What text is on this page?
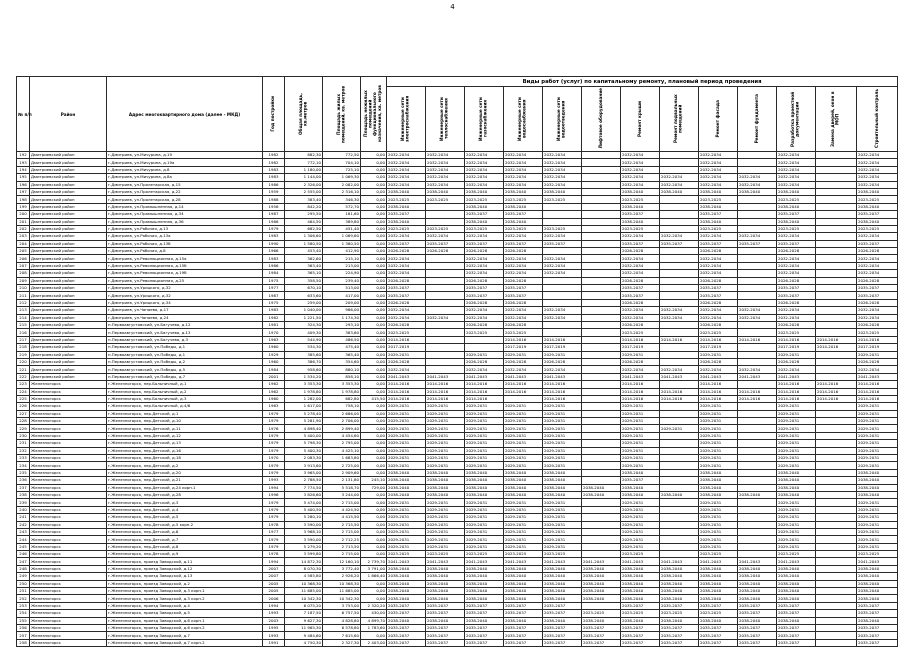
4
№ п/п	Район	Адрес многоквартирного дома (далее - МКД)	Год постройки	Общая площадь, кв.метров	Площадь жилых помещений, кв. метров	Площадь нежилых помещений функционального назначения, кв. метров	Виды работ (услуг) по капитальному ремонту, плановый период проведения												
							Инженерные сети электроснабжения	Инженерные сети теплоснабжения	Инженерные сети газоснабжения	Инженерные сети водоснабжения	Инженерные сети водоотведения	Лифтовое оборудование	Ремонт крыши	Ремонт подвальных помещений	Ремонт фасада	Ремонт фундамента	Разработка проектной документации	Замена дверей, окон в МОП	Строительный контроль
192	Дмитриевский район	г.Дмитриев, ул.Мичурина, д.19	1982	882,30	772,50	0,00	2032-2034	2032-2034	2032-2034	2032-2034	2032-2034		2032-2034		2032-2034		2032-2034		2032-2034
193	Дмитриевский район	г.Дмитриев, ул.Мичурина, д.19а	1982	772,10	704,10	0,00	2032-2034	2032-2034	2032-2034	2032-2034	2032-2034		2032-2034		2032-2034		2032-2034		2032-2034
194	Дмитриевский район	г.Дмитриев, ул.Мичурина, д.8	1983	1 180,00	725,10	0,00	2032-2034	2032-2034	2032-2034	2032-2034	2032-2034		2032-2034		2032-2034		2032-2034		2032-2034
195	Дмитриевский район	г.Дмитриев, ул.Мичурина, д.8а	1983	1 144,00	1 069,30	0,00	2032-2034	2032-2034	2032-2034	2032-2034	2032-2034		2032-2034	2032-2034	2032-2034	2032-2034	2032-2034		2032-2034
196	Дмитриевский район	г.Дмитриев, ул.Пролетарская, д.15	1986	2 326,00	2 082,00	0,00	2032-2034	2032-2034	2032-2034	2032-2034	2032-2034		2032-2034	2032-2034	2032-2034	2032-2034	2032-2034		2032-2034
197	Дмитриевский район	г.Дмитриев, ул.Пролетарская, д.22	1959	2 555,00	2 316,10	0,00	2038-2040	2038-2040	2038-2040	2038-2040	2038-2040		2038-2040	2038-2040	2038-2040	2038-2040	2038-2040		2038-2040
198	Дмитриевский район	г.Дмитриев, ул.Пролетарская, д.28	1988	383,40	346,30	0,00	2023-2025	2023-2025	2023-2025	2023-2025	2023-2025		2023-2025		2023-2025		2023-2025		2023-2025
199	Дмитриевский район	г.Дмитриев, ул.Промышленная, д.14	1956	842,20	572,70	0,00	2038-2040		2038-2040	2038-2040			2038-2040		2038-2040		2038-2040		2038-2040
200	Дмитриевский район	г.Дмитриев, ул.Промышленная, д.34	1987	295,50	181,60	0,00	2035-2037		2035-2037	2035-2037			2035-2037		2035-2037		2035-2037		2035-2037
201	Дмитриевский район	г.Дмитриев, ул.Промышленная, д.36	1986	464,50	389,80	0,00	2038-2040		2038-2040	2038-2040			2038-2040		2038-2040		2038-2040		2038-2040
202	Дмитриевский район	г.Дмитриев, ул.Рабочая, д.13	1979	682,50	451,40	0,00	2023-2025	2023-2025	2023-2025	2023-2025	2023-2025		2023-2025		2023-2025		2023-2025		2023-2025
203	Дмитриевский район	г.Дмитриев, ул.Рабочая, д.13а	1983	1 306,60	1 069,60	0,00	2032-2034	2032-2034	2032-2034	2032-2034	2032-2034		2032-2034	2032-2034	2032-2034	2032-2034	2032-2034		2032-2034
204	Дмитриевский район	г.Дмитриев, ул.Рабочая, д.13б	1990	1 580,50	1 380,50	0,00	2035-2037	2035-2037	2035-2037	2035-2037	2035-2037		2035-2037	2035-2037	2035-2037	2035-2037	2035-2037		2035-2037
205	Дмитриевский район	г.Дмитриев, ул.Рабочая, д.8	1966	453,40	412,90	0,00	2026-2028	2026-2028	2026-2028	2026-2028			2026-2028		2026-2028		2026-2028		2026-2028
206	Дмитриевский район	г.Дмитриев, ул.Революционная, д.15а	1983	362,60	215,10	0,00	2032-2034		2032-2034	2032-2034	2032-2034		2032-2034		2032-2034		2032-2034		2032-2034
207	Дмитриевский район	г.Дмитриев, ул.Революционная, д.15б	1986	363,40	213,00	0,00	2032-2034		2032-2034	2032-2034	2032-2034		2032-2034		2032-2034		2032-2034		2032-2034
208	Дмитриевский район	г.Дмитриев, ул.Революционная, д.19б	1984	365,10	224,90	0,00	2032-2034		2032-2034	2032-2034	2032-2034		2032-2034		2032-2034		2032-2034		2032-2034
209	Дмитриевский район	г.Дмитриев, ул.Революционная, д.25	1975	358,50	239,40	0,00	2026-2028		2026-2028	2026-2028			2026-2028		2026-2028		2026-2028		2026-2028
210	Дмитриевский район	г.Дмитриев, ул.Урицкого, д.32	1977	670,10	513,00	0,00	2035-2037		2035-2037	2035-2037			2035-2037		2035-2037		2035-2037		2035-2037
211	Дмитриевский район	г.Дмитриев, ул.Урицкого, д.32	1987	633,60	417,00	0,00	2035-2037		2035-2037	2035-2037			2035-2037		2035-2037		2035-2037		2035-2037
212	Дмитриевский район	г.Дмитриев, ул.Урицкого, д.34	1975	259,00	209,00	0,00	2026-2028		2026-2028	2026-2028			2026-2028		2026-2028		2026-2028		2026-2028
213	Дмитриевский район	г.Дмитриев, ул.Чапаева, д.17	1983	1 040,00	986,00	0,00	2032-2034		2032-2034	2032-2034	2032-2034		2032-2034	2032-2034	2032-2034	2032-2034	2032-2034		2032-2034
214	Дмитриевский район	г.Дмитриев, ул.Чапаева, д.24	1982	1 221,50	1 174,30	0,00	2032-2034	2032-2034	2032-2034	2032-2034	2032-2034		2032-2034	2032-2034	2032-2034	2032-2034	2032-2034		2032-2034
215	Дмитриевский район	п.Первоавгустовский, ул.Багучева, д.12	1981	324,30	293,10	0,00	2026-2028		2026-2028	2026-2028			2026-2028		2026-2028		2026-2028		2026-2028
216	Дмитриевский район	п.Первоавгустовский, ул.Багучева, д.13	1970	409,30	383,60	0,00	2023-2025		2023-2025	2023-2025			2023-2025		2023-2025		2023-2025		2023-2025
217	Дмитриевский район	п.Первоавгустовский, ул.Багучева, д.3	1963	544,90	486,50	0,00	2014-2016			2014-2016	2014-2016		2014-2016	2014-2016	2014-2016	2014-2016	2014-2016	2014-2016	2014-2016
218	Дмитриевский район	п.Первоавгустовский, ул.Победы, д.1	1960	534,30	475,40	0,00	2017-2019			2017-2019	2017-2019		2017-2019		2017-2019		2017-2019	2014-2016	2017-2019
219	Дмитриевский район	п.Первоавгустовский, ул.Победы, д.1	1929	385,60	365,40	0,00	2029-2031		2029-2031	2029-2031	2029-2031		2029-2031		2029-2031		2029-2031		2029-2031
220	Дмитриевский район	п.Первоавгустовский, ул.Победы, д.2	1960	386,70	354,60	0,00	2026-2028		2026-2028	2026-2028	2026-2028		2026-2028		2026-2028		2026-2028		2026-2028
221	Дмитриевский район	п.Первоавгустовский, ул.Победы, д.5	1984	958,60	880,10	0,00	2032-2034		2032-2034	2032-2034	2032-2034		2032-2034	2032-2034	2032-2034	2032-2034	2032-2034		2032-2034
222	Дмитриевский район	п.Первоавгустовский, ул.Победы, д.7	2001	1 534,20	858,10	0,00	2041-2043	2041-2043	2041-2043	2041-2043	2041-2043		2041-2043	2041-2043	2041-2043	2041-2043	2041-2043		2041-2043
223	Железногорск	г.Железногорск, пер.Больничный, д.1	1962	3 353,30	3 353,30	0,00	2014-2016	2014-2016	2014-2016	2014-2016	2014-2016		2014-2016		2014-2016		2014-2016	2014-2016	2014-2016
224	Железногорск	г.Железногорск, пер.Больничный, д.2	1962	1 978,80	1 978,80	0,00	2014-2016	2014-2016	2014-2016	2014-2016	2014-2016		2014-2016	2014-2016	2014-2016	2014-2016	2014-2016	2014-2016	2014-2016
225	Железногорск	г.Железногорск, пер.Больничный, д.3	1960	1 282,00	682,80	415,50	2014-2016	2014-2016	2014-2016		2014-2016		2014-2016	2014-2016	2014-2016	2014-2016	2014-2016	2014-2016	2014-2016
226	Железногорск	г.Железногорск, пер.Больничный, д.4/6	1963	1 617,00	758,10	0,00	2029-2031	2029-2031	2029-2031	2029-2031	2029-2031		2029-2031		2029-2031		2029-2031		2029-2031
227	Железногорск	г.Железногорск, пер.Детский, д.1	1979	5 278,40	2 686,00	0,00	2029-2031	2029-2031	2029-2031	2029-2031	2029-2031		2029-2031		2029-2031		2029-2031		2029-2031
228	Железногорск	г.Железногорск, пер.Детский, д.10	1979	5 281,90	2 706,00	0,00	2029-2031	2029-2031	2029-2031	2029-2031	2029-2031		2029-2031		2029-2031		2029-2031		2029-2031
229	Железногорск	г.Железногорск, пер.Детский, д.11	1976	4 898,40	2 899,40	0,00	2029-2031	2029-2031	2029-2031	2029-2031	2029-2031		2029-2031	2029-2031	2029-2031		2029-2031		2029-2031
230	Железногорск	г.Железногорск, пер.Детский, д.12	1979	5 400,00	4 454,60	0,00	2029-2031	2029-2031	2029-2031	2029-2031	2029-2031		2029-2031		2029-2031		2029-2031		2029-2031
231	Железногорск	г.Железногорск, пер.Детский, д.13	1979	5 798,30	2 795,00	0,00	2029-2031	2029-2031	2029-2031	2029-2031	2029-2031		2029-2031		2029-2031		2029-2031		2029-2031
232	Железногорск	г.Железногорск, пер.Детский, д.16	1979	5 400,30	4 425,10	0,00	2029-2031	2029-2031	2029-2031	2029-2031	2029-2031		2029-2031		2029-2031		2029-2031		2029-2031
233	Железногорск	г.Железногорск, пер.Детский, д.18	1970	2 083,30	1 683,80	0,00	2029-2031	2029-2031	2029-2031	2029-2031	2029-2031		2029-2031		2029-2031		2029-2031		2029-2031
234	Железногорск	г.Железногорск, пер.Детский, д.2	1979	3 913,60	2 725,00	0,00	2029-2031	2029-2031	2029-2031	2029-2031	2029-2031		2029-2031		2029-2031		2029-2031		2029-2031
235	Железногорск	г.Железногорск, пер.Детский, д.20	1979	3 965,00	2 909,60	0,00	2038-2040	2038-2040	2038-2040	2038-2040	2038-2040		2038-2040		2038-2040		2038-2040		2038-2040
236	Железногорск	г.Железногорск, пер.Детский, д.21	1993	2 788,50	2 131,80	245,10	2038-2040	2038-2040	2038-2040	2038-2040	2038-2040		2035-2037		2038-2040		2038-2040		2038-2040
237	Железногорск	г.Железногорск, пер.Детский, д.24 корп.1	1994	7 774,50	5 518,70	729,00	2038-2040	2038-2040	2038-2040	2038-2040	2038-2040	2038-2040	2038-2040		2038-2040		2038-2040		2038-2040
238	Железногорск	г.Железногорск, пер.Детский, д.28	1996	3 826,60	3 244,00	0,00	2038-2040	2038-2040	2038-2040	2038-2040	2038-2040	2038-2040	2038-2040	2038-2040	2038-2040	2038-2040	2038-2040		2038-2040
239	Железногорск	г.Железногорск, пер.Детский, д.3	1979	5 474,00	2 715,00	0,00	2029-2031	2029-2031	2029-2031	2029-2031	2029-2031		2029-2031		2029-2031		2029-2031		2029-2031
240	Железногорск	г.Железногорск, пер.Детский, д.4	1979	5 400,50	4 424,50	0,00	2029-2031	2029-2031	2029-2031	2029-2031	2029-2031		2029-2031		2029-2031		2029-2031		2029-2031
241	Железногорск	г.Железногорск, пер.Детский, д.5	1979	5 280,10	4 415,50	0,00	2029-2031	2029-2031	2029-2031	2029-2031	2029-2031		2029-2031		2029-2031		2029-2031		2029-2031
242	Железногорск	г.Железногорск, пер.Детский, д.5 корп.2	1978	3 590,00	2 715,50	0,00	2029-2031	2029-2031	2029-2031	2029-2031	2029-2031		2029-2031		2029-2031		2029-2031		2029-2031
243	Железногорск	г.Железногорск, пер.Детский, д.6	1977	3 968,10	2 715,00	0,00	2029-2031	2029-2031	2029-2031	2029-2031	2029-2031		2029-2031		2029-2031		2029-2031		2029-2031
244	Железногорск	г.Железногорск, пер.Детский, д.7	1979	3 590,00	2 712,25	0,00	2029-2031	2029-2031	2029-2031	2029-2031	2029-2031		2029-2031		2029-2031		2029-2031		2029-2031
245	Железногорск	г.Железногорск, пер.Детский, д.8	1979	5 279,20	2 713,50	0,00	2029-2031	2029-2031	2029-2031	2029-2031	2029-2031		2029-2031		2029-2031		2029-2031		2029-2031
246	Железногорск	г.Железногорск, пер.Детский, д.9	1978	3 599,80	2 715,00	0,00	2023-2025	2023-2025	2023-2025	2023-2025	2023-2025		2023-2025		2023-2025		2023-2025		2023-2025
247	Железногорск	г.Железногорск, проезд Заводской, д.11	1994	14 872,30	12 160,10	2 739,70	2041-2043	2041-2043	2041-2043	2041-2043	2041-2043	2041-2043	2041-2043	2041-2043	2041-2043	2041-2043	2041-2043		2041-2043
248	Железногорск	г.Железногорск, проезд Заводской, д.12	2007	8 070,30	3 772,40	3 791,00	2038-2040	2038-2040	2038-2040	2038-2040	2038-2040	2038-2040	2038-2040	2038-2040	2038-2040	2038-2040	2038-2040		2038-2040
249	Железногорск	г.Железногорск, проезд Заводской, д.13	2007	4 585,80	2 926,20	1 866,40	2038-2040	2038-2040	2038-2040	2038-2040	2038-2040	2038-2040	2038-2040	2038-2040	2038-2040	2038-2040	2038-2040		2038-2040
250	Железногорск	г.Железногорск, проезд Заводской, д.2	2005	10 368,30	10 368,30	0,00	2038-2040	2038-2040	2038-2040	2038-2040	2038-2040	2038-2040	2038-2040	2038-2040	2038-2040	2038-2040	2038-2040		2038-2040
251	Железногорск	г.Железногорск, проезд Заводской, д.3 корп.1	2005	11 685,00	11 685,00	0,00	2038-2040	2038-2040	2038-2040	2038-2040	2038-2040	2038-2040	2038-2040	2038-2040	2038-2040	2038-2040	2038-2040		2038-2040
252	Железногорск	г.Железногорск, проезд Заводской, д.3 корп.2	2006	10 342,30	10 342,30	0,00	2038-2040	2038-2040	2038-2040	2038-2040	2038-2040	2038-2040	2038-2040	2038-2040	2038-2040	2038-2040	2038-2040		2038-2040
253	Железногорск	г.Железногорск, проезд Заводской, д.4	1994	6 075,20	3 753,00	2 320,20	2035-2037	2035-2037	2035-2037	2035-2037	2035-2037		2035-2037	2035-2037	2035-2037	2035-2037	2035-2037		2035-2037
254	Железногорск	г.Железногорск, проезд Заводской, д.5	1993	7 187,50	6 757,50	430,00	2035-2037	2035-2037	2035-2037	2035-2037	2035-2037	2023-2025	2023-2025	2023-2025	2023-2025	2035-2037	2035-2037		2035-2037
255	Железногорск	г.Железногорск, проезд Заводской, д.6 корп.1	2003	9 627,30	4 828,80	4 899,70	2038-2040	2038-2040	2038-2040	2038-2040	2038-2040	2038-2040	2038-2040	2038-2040	2038-2040	2038-2040	2038-2040		2038-2040
256	Железногорск	г.Железногорск, проезд Заводской, д.6 корп.2	1995	11 965,30	6 578,80	1 783,60	2035-2037	2035-2037	2035-2037	2035-2037	2035-2037	2035-2037	2035-2037	2035-2037	2035-2037	2035-2037	2035-2037		2035-2037
257	Железногорск	г.Железногорск, проезд Заводской, д.7	1993	9 484,60	7 615,60	0,00	2035-2037	2035-2037	2035-2037	2035-2037	2035-2037	2035-2037	2035-2037	2035-2037	2035-2037	2035-2037	2035-2037		2035-2037
258	Железногорск	г.Железногорск, проезд Заводской, д.7 корп.2	1991	4 750,30	2 327,30	2 403,00	2035-2037	2035-2037	2035-2037	2035-2037	2035-2037	2035-2037	2035-2037	2035-2037	2035-2037	2035-2037	2035-2037		2035-2037
